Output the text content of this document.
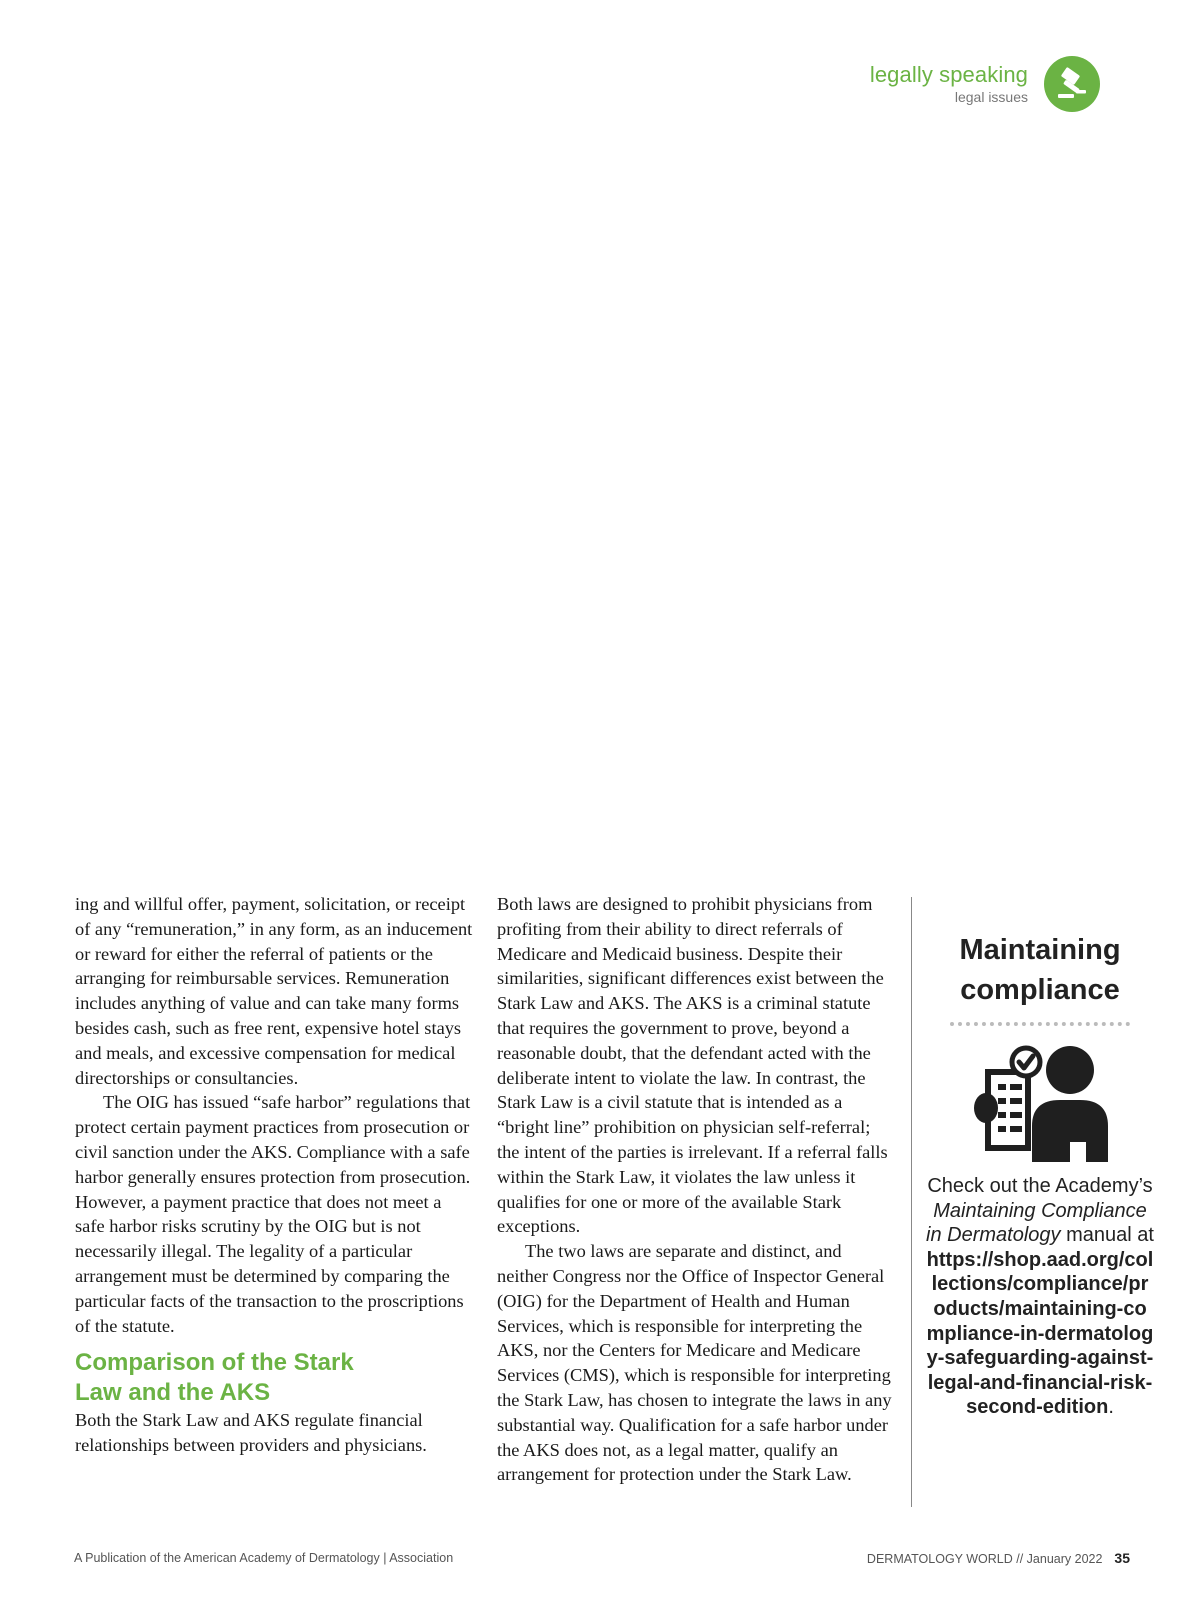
legally speaking
legal issues

ing and willful offer, payment, solicitation, or receipt of any “remuneration,” in any form, as an inducement or reward for either the referral of patients or the arranging for reimbursable services. Remuneration includes anything of value and can take many forms besides cash, such as free rent, expensive hotel stays and meals, and excessive compensation for medical directorships or consultancies.

The OIG has issued “safe harbor” regulations that protect certain payment practices from prosecution or civil sanction under the AKS. Compliance with a safe harbor generally ensures protection from prosecution. However, a payment practice that does not meet a safe harbor risks scrutiny by the OIG but is not necessarily illegal. The legality of a particular arrangement must be determined by comparing the particular facts of the transaction to the proscriptions of the statute.

Comparison of the Stark Law and the AKS

Both the Stark Law and AKS regulate financial relationships between providers and physicians.

Both laws are designed to prohibit physicians from profiting from their ability to direct referrals of Medicare and Medicaid business. Despite their similarities, significant differences exist between the Stark Law and AKS. The AKS is a criminal statute that requires the government to prove, beyond a reasonable doubt, that the defendant acted with the deliberate intent to violate the law. In contrast, the Stark Law is a civil statute that is intended as a “bright line” prohibition on physician self-referral; the intent of the parties is irrelevant. If a referral falls within the Stark Law, it violates the law unless it qualifies for one or more of the available Stark exceptions.

The two laws are separate and distinct, and neither Congress nor the Office of Inspector General (OIG) for the Department of Health and Human Services, which is responsible for interpreting the AKS, nor the Centers for Medicare and Medicare Services (CMS), which is responsible for interpreting the Stark Law, has chosen to integrate the laws in any substantial way. Qualification for a safe harbor under the AKS does not, as a legal matter, qualify an arrangement for protection under the Stark Law.

Maintaining compliance
Check out the Academy’s Maintaining Compliance in Dermatology manual at https://shop.aad.org/collections/compliance/products/maintaining-compliance-in-dermatology-safeguarding-against-legal-and-financial-risk-second-edition.
A Publication of the American Academy of Dermatology | Association	DERMATOLOGY WORLD // January 2022 35
